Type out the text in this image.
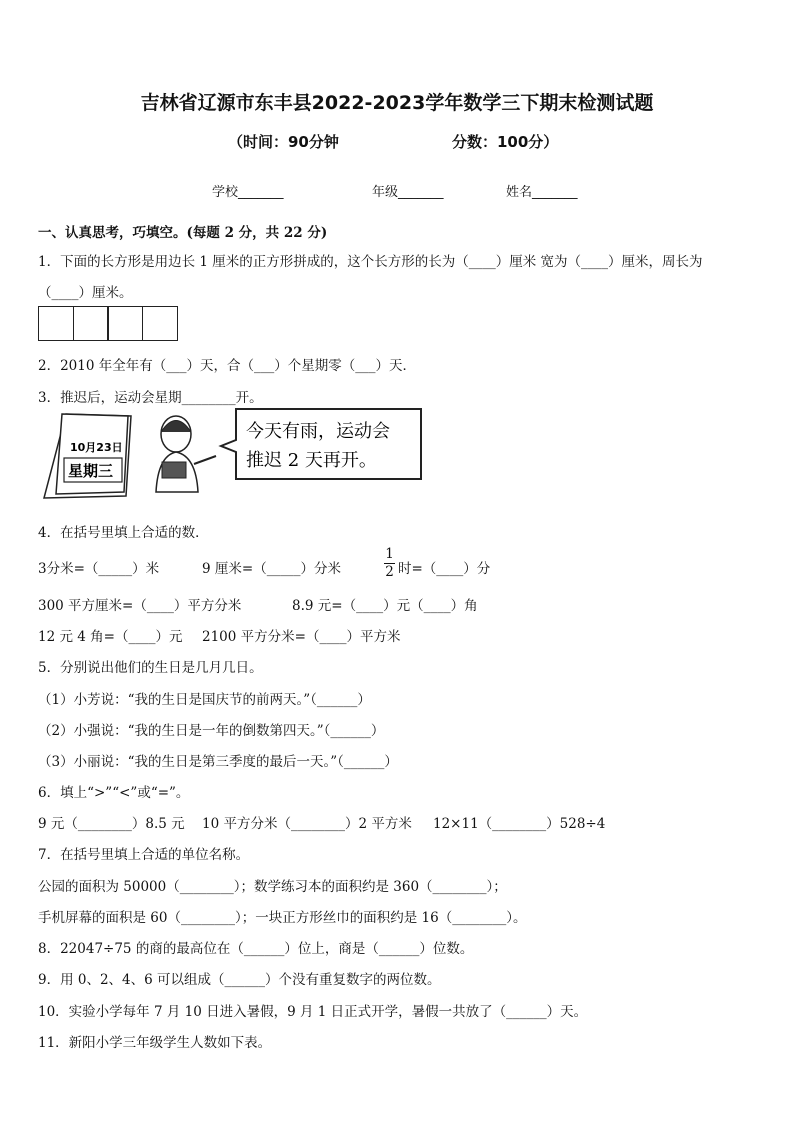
吉林省辽源市东丰县2022-2023学年数学三下期末检测试题
（时间：90分钟	分数：100分）
学校_______	年级_______	姓名_______
一、认真思考，巧填空。(每题 2 分，共 22 分)
1．下面的长方形是用边长 1 厘米的正方形拼成的，这个长方形的长为（____）厘米 宽为（____）厘米，周长为
（____）厘米。
2．2010 年全年有（___）天，合（___）个星期零（___）天．
3．推迟后，运动会星期________开。
10月23日
星期三
今天有雨，运动会
推迟 2 天再开。
4．在括号里填上合适的数．
3分米=（_____）米	9 厘米=（_____）分米
1
2 时=（____）分
300 平方厘米=（____）平方分米	8.9 元=（____）元（____）角
12 元 4 角=（____）元 2100 平方分米=（____）平方米
5．分别说出他们的生日是几月几日。
（1）小芳说：“我的生日是国庆节的前两天。”（______）
（2）小强说：“我的生日是一年的倒数第四天。”（______）
（3）小丽说：“我的生日是第三季度的最后一天。”（______）
6．填上“>”“<”或“=”。
9 元（________）8.5 元 10 平方分米（________）2 平方米 12×11（________）528÷4
7．在括号里填上合适的单位名称。
公园的面积为 50000（________）；数学练习本的面积约是 360（________）；
手机屏幕的面积是 60（________）；一块正方形丝巾的面积约是 16（________）。
8．22047÷75 的商的最高位在（______）位上，商是（______）位数。
9．用 0、2、4、6 可以组成（______）个没有重复数字的两位数。
10．实验小学每年 7 月 10 日进入暑假，9 月 1 日正式开学，暑假一共放了（______）天。
11．新阳小学三年级学生人数如下表。
